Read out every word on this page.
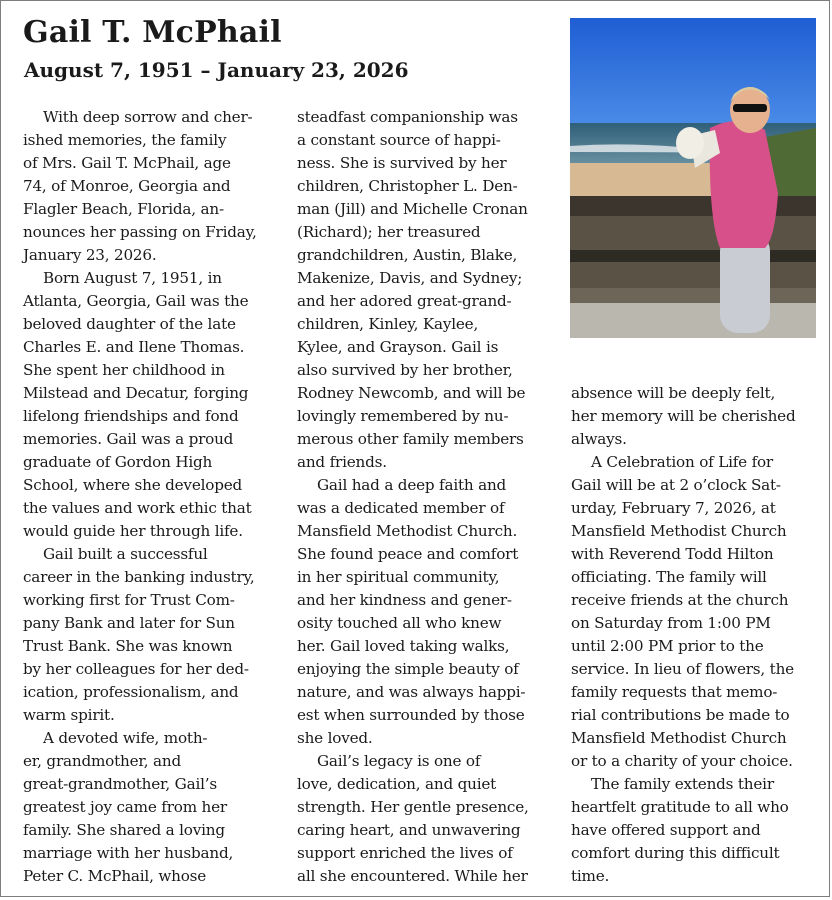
Gail T. McPhail
August 7, 1951 – January 23, 2026

With deep sorrow and cher-
ished memories, the family
of Mrs. Gail T. McPhail, age
74, of Monroe, Georgia and
Flagler Beach, Florida, an-
nounces her passing on Friday,
January 23, 2026.

Born August 7, 1951, in
Atlanta, Georgia, Gail was the
beloved daughter of the late
Charles E. and Ilene Thomas.
She spent her childhood in
Milstead and Decatur, forging
lifelong friendships and fond
memories. Gail was a proud
graduate of Gordon High
School, where she developed
the values and work ethic that
would guide her through life.

Gail built a successful
career in the banking industry,
working first for Trust Com-
pany Bank and later for Sun
Trust Bank. She was known
by her colleagues for her ded-
ication, professionalism, and
warm spirit.

A devoted wife, moth-
er, grandmother, and
great-grandmother, Gail’s
greatest joy came from her
family. She shared a loving
marriage with her husband,
Peter C. McPhail, whose

steadfast companionship was
a constant source of happi-
ness. She is survived by her
children, Christopher L. Den-
man (Jill) and Michelle Cronan
(Richard); her treasured
grandchildren, Austin, Blake,
Makenize, Davis, and Sydney;
and her adored great-grand-
children, Kinley, Kaylee,
Kylee, and Grayson. Gail is
also survived by her brother,
Rodney Newcomb, and will be
lovingly remembered by nu-
merous other family members
and friends.

Gail had a deep faith and
was a dedicated member of
Mansfield Methodist Church.
She found peace and comfort
in her spiritual community,
and her kindness and gener-
osity touched all who knew
her. Gail loved taking walks,
enjoying the simple beauty of
nature, and was always happi-
est when surrounded by those
she loved.

Gail’s legacy is one of
love, dedication, and quiet
strength. Her gentle presence,
caring heart, and unwavering
support enriched the lives of
all she encountered. While her

absence will be deeply felt,
her memory will be cherished
always.

A Celebration of Life for
Gail will be at 2 o’clock Sat-
urday, February 7, 2026, at
Mansfield Methodist Church
with Reverend Todd Hilton
officiating. The family will
receive friends at the church
on Saturday from 1:00 PM
until 2:00 PM prior to the
service. In lieu of flowers, the
family requests that memo-
rial contributions be made to
Mansfield Methodist Church
or to a charity of your choice.

The family extends their
heartfelt gratitude to all who
have offered support and
comfort during this difficult
time.
